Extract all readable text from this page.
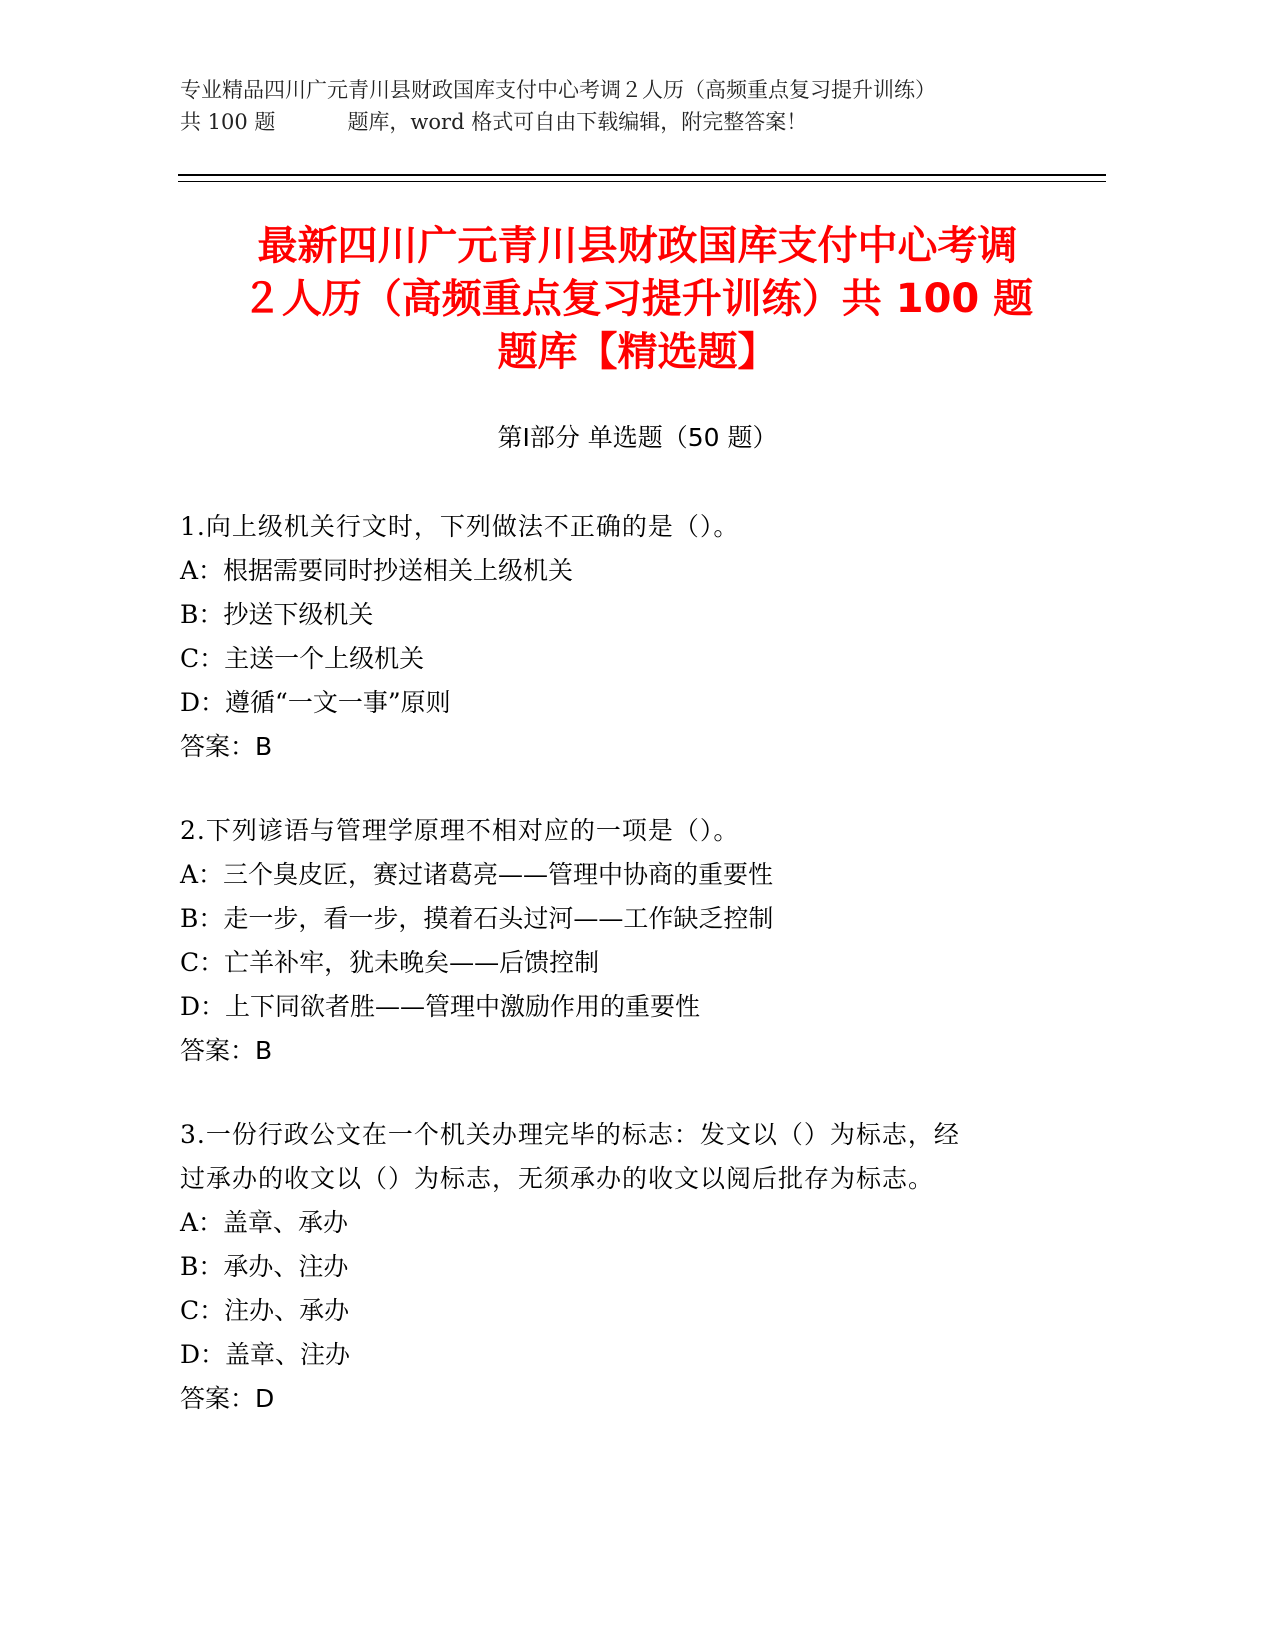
专业精品四川广元青川县财政国库支付中心考调２人历（高频重点复习提升训练）
共 100 题	题库，word 格式可自由下载编辑，附完整答案！
最新四川广元青川县财政国库支付中心考调
２人历（高频重点复习提升训练）共 100 题
题库【精选题】
第Ⅰ部分 单选题（50 题）

1.向上级机关行文时，下列做法不正确的是（）。

A：根据需要同时抄送相关上级机关

B：抄送下级机关

C：主送一个上级机关

D：遵循“一文一事”原则

答案：B

2.下列谚语与管理学原理不相对应的一项是（）。

A：三个臭皮匠，赛过诸葛亮——管理中协商的重要性

B：走一步，看一步，摸着石头过河——工作缺乏控制

C：亡羊补牢，犹未晚矣——后馈控制

D：上下同欲者胜——管理中激励作用的重要性

答案：B

3.一份行政公文在一个机关办理完毕的标志：发文以（）为标志，经

过承办的收文以（）为标志，无须承办的收文以阅后批存为标志。

A：盖章、承办

B：承办、注办

C：注办、承办

D：盖章、注办

答案：D
